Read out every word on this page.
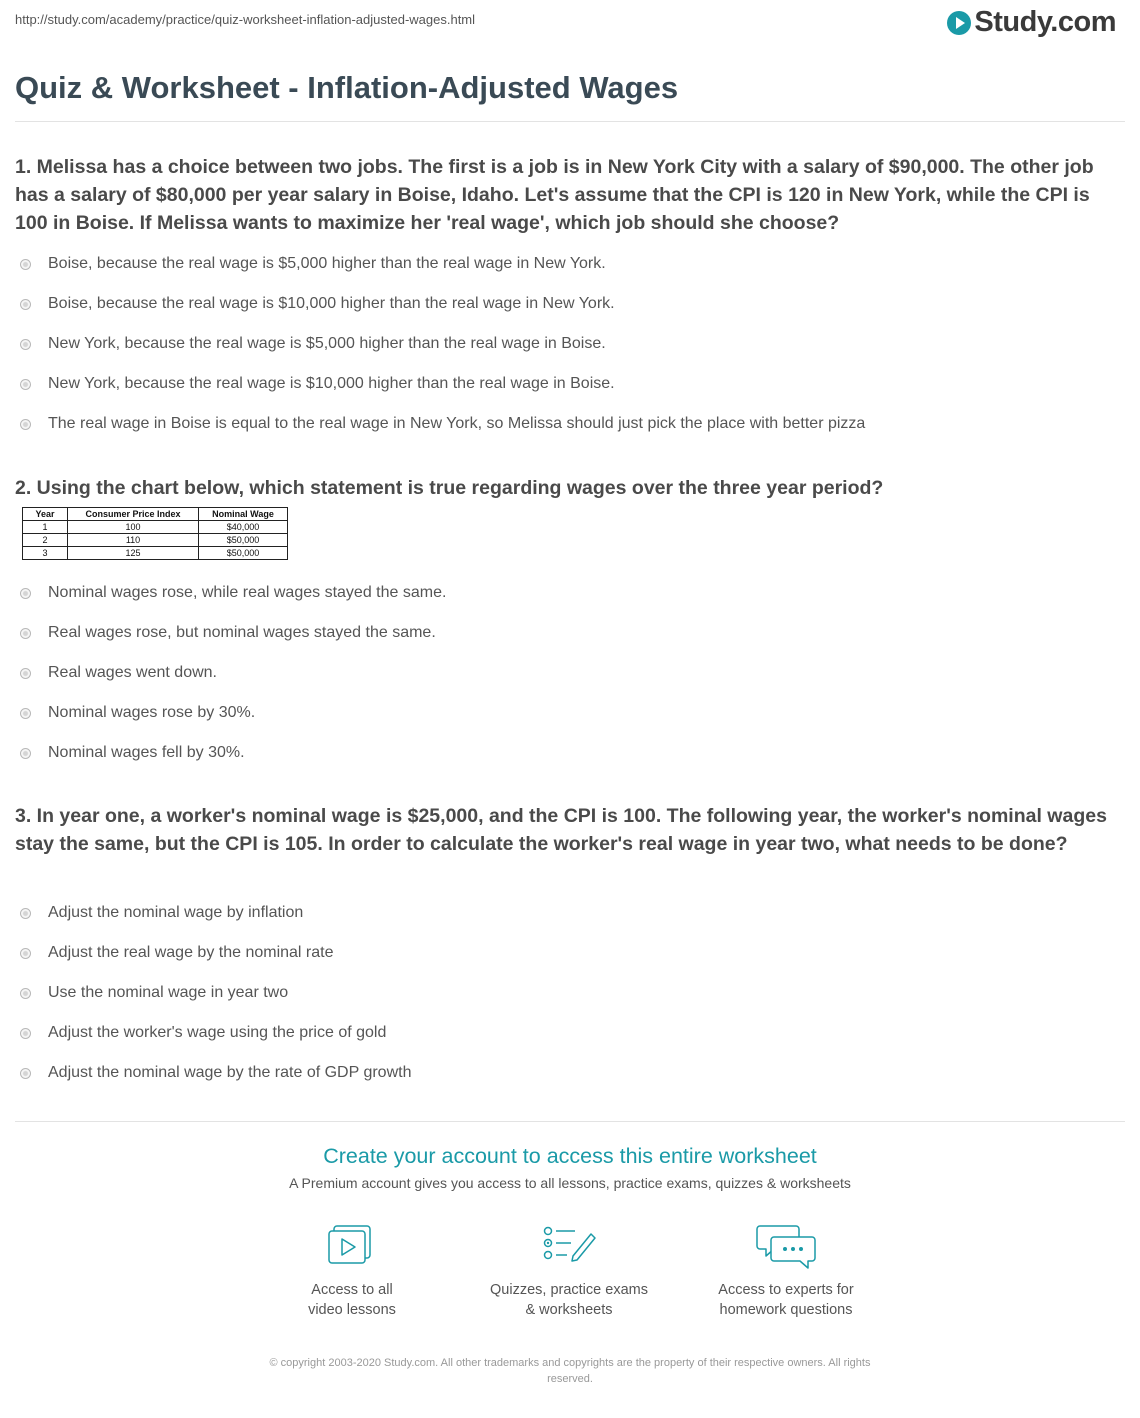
http://study.com/academy/practice/quiz-worksheet-inflation-adjusted-wages.html	Study.com
Quiz & Worksheet - Inflation-Adjusted Wages

1. Melissa has a choice between two jobs. The first is a job is in New York City with a salary of $90,000. The other job has a salary of $80,000 per year salary in Boise, Idaho. Let's assume that the CPI is 120 in New York, while the CPI is 100 in Boise. If Melissa wants to maximize her 'real wage', which job should she choose?

Boise, because the real wage is $5,000 higher than the real wage in New York.
Boise, because the real wage is $10,000 higher than the real wage in New York.
New York, because the real wage is $5,000 higher than the real wage in Boise.
New York, because the real wage is $10,000 higher than the real wage in Boise.
The real wage in Boise is equal to the real wage in New York, so Melissa should just pick the place with better pizza

2. Using the chart below, which statement is true regarding wages over the three year period?

Year	Consumer Price Index	Nominal Wage
1	100	$40,000
2	110	$50,000
3	125	$50,000
Nominal wages rose, while real wages stayed the same.
Real wages rose, but nominal wages stayed the same.
Real wages went down.
Nominal wages rose by 30%.
Nominal wages fell by 30%.

3. In year one, a worker's nominal wage is $25,000, and the CPI is 100. The following year, the worker's nominal wages stay the same, but the CPI is 105. In order to calculate the worker's real wage in year two, what needs to be done?

Adjust the nominal wage by inflation
Adjust the real wage by the nominal rate
Use the nominal wage in year two
Adjust the worker's wage using the price of gold
Adjust the nominal wage by the rate of GDP growth
Create your account to access this entire worksheet
A Premium account gives you access to all lessons, practice exams, quizzes & worksheets
Access to all
video lessons
Quizzes, practice exams
& worksheets
Access to experts for
homework questions
© copyright 2003-2020 Study.com. All other trademarks and copyrights are the property of their respective owners. All rights
reserved.
